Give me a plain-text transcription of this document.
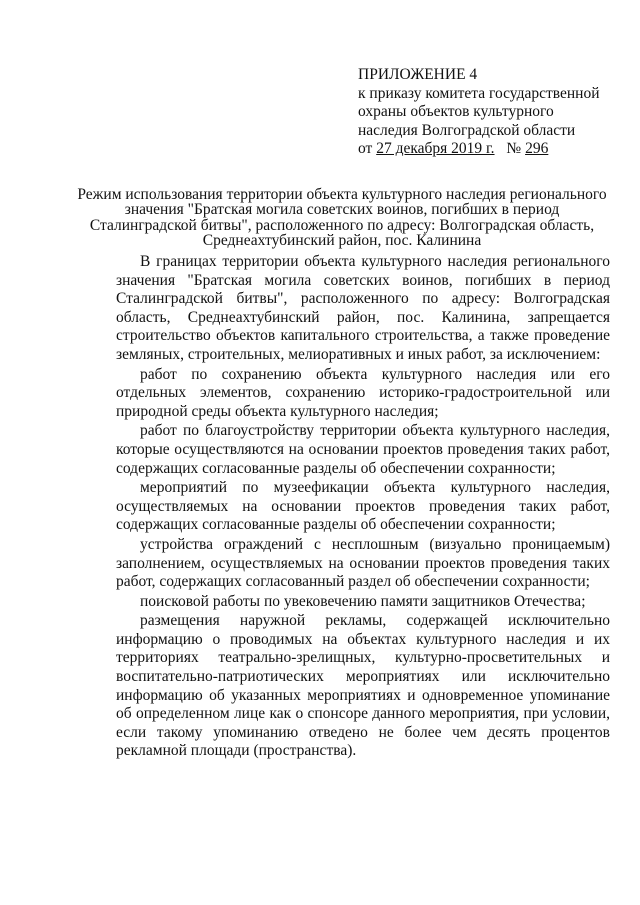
ПРИЛОЖЕНИЕ 4
к приказу комитета государственной
охраны объектов культурного
наследия Волгоградской области
от 27 декабря 2019 г. № 296
Режим использования территории объекта культурного наследия регионального
значения "Братская могила советских воинов, погибших в период
Сталинградской битвы", расположенного по адресу: Волгоградская область,
Среднеахтубинский район, пос. Калинина

В границах территории объекта культурного наследия регионального значения "Братская могила советских воинов, погибших в период Сталинградской битвы", расположенного по адресу: Волгоградская область, Среднеахтубинский район, пос. Калинина, запрещается строительство объектов капитального строительства, а также проведение земляных, строительных, мелиоративных и иных работ, за исключением:

работ по сохранению объекта культурного наследия или его отдельных элементов, сохранению историко-градостроительной или природной среды объекта культурного наследия;

работ по благоустройству территории объекта культурного наследия, которые осуществляются на основании проектов проведения таких работ, содержащих согласованные разделы об обеспечении сохранности;

мероприятий по музеефикации объекта культурного наследия, осуществляемых на основании проектов проведения таких работ, содержащих согласованные разделы об обеспечении сохранности;

устройства ограждений с несплошным (визуально проницаемым) заполнением, осуществляемых на основании проектов проведения таких работ, содержащих согласованный раздел об обеспечении сохранности;

поисковой работы по увековечению памяти защитников Отечества;

размещения наружной рекламы, содержащей исключительно информацию о проводимых на объектах культурного наследия и их территориях театрально-зрелищных, культурно-просветительных и воспитательно-патриотических мероприятиях или исключительно информацию об указанных мероприятиях и одновременное упоминание об определенном лице как о спонсоре данного мероприятия, при условии, если такому упоминанию отведено не более чем десять процентов рекламной площади (пространства).
